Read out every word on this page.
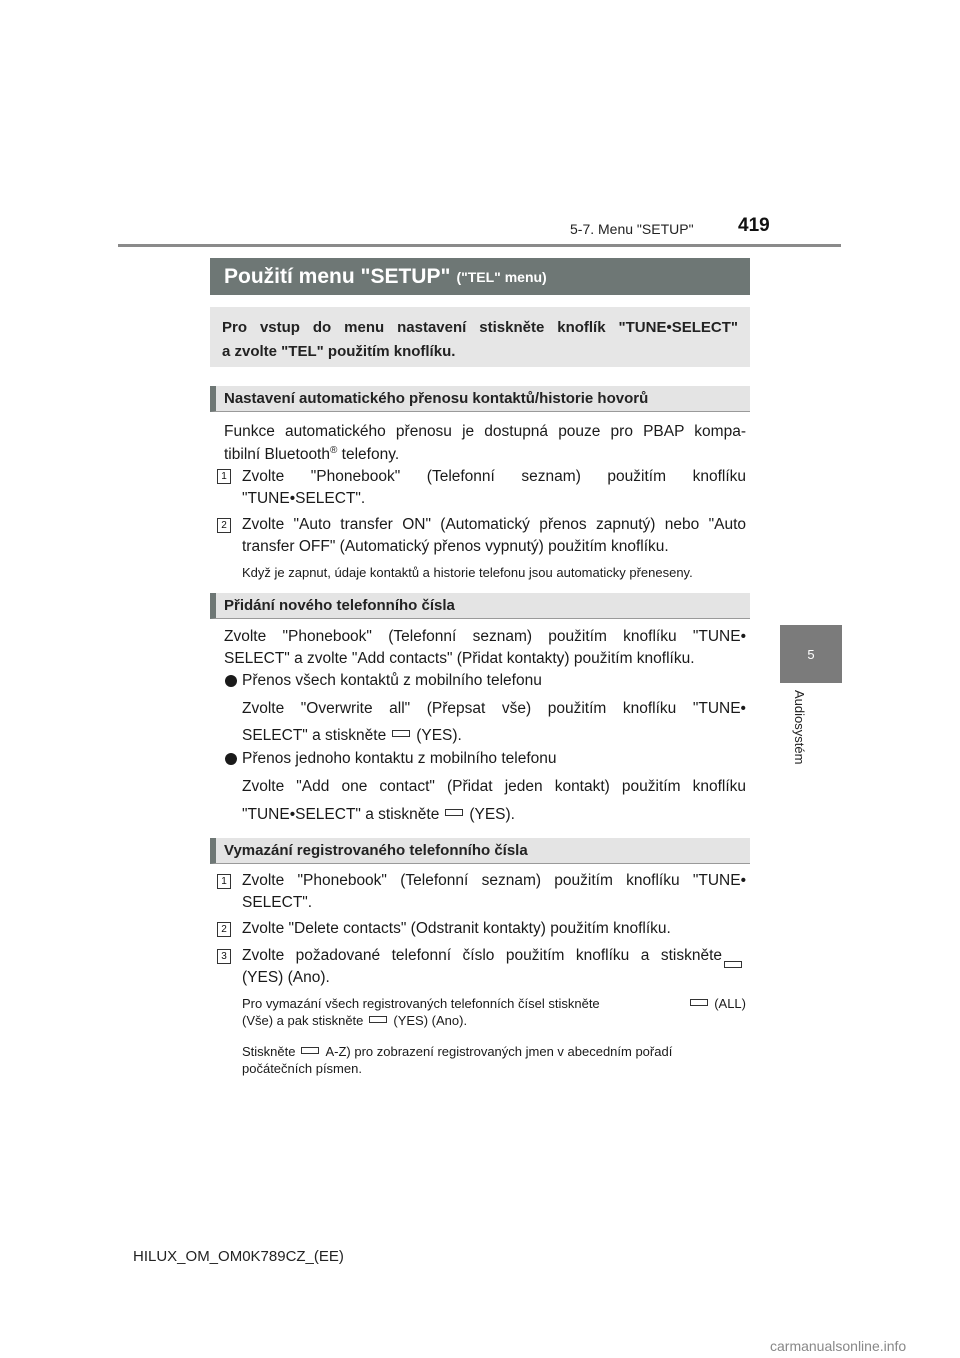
5-7. Menu "SETUP" 419
5
Audiosystém
Použití menu "SETUP" ("TEL" menu)
Pro vstup do menu nastavení stiskněte knoflík "TUNE•SELECT"
a zvolte "TEL" použitím knoflíku.
Nastavení automatického přenosu kontaktů/historie hovorů
Funkce automatického přenosu je dostupná pouze pro PBAP kompa-
tibilní Bluetooth® telefony.
1 Zvolte "Phonebook" (Telefonní seznam) použitím knoflíku
"TUNE•SELECT".
2 Zvolte "Auto transfer ON" (Automatický přenos zapnutý) nebo "Auto
transfer OFF" (Automatický přenos vypnutý) použitím knoflíku.
Když je zapnut, údaje kontaktů a historie telefonu jsou automaticky přeneseny.
Přidání nového telefonního čísla
Zvolte "Phonebook" (Telefonní seznam) použitím knoflíku "TUNE•
SELECT" a zvolte "Add contacts" (Přidat kontakty) použitím knoflíku.
Přenos všech kontaktů z mobilního telefonu
Zvolte "Overwrite all" (Přepsat vše) použitím knoflíku "TUNE•
SELECT" a stiskněte (YES).
Přenos jednoho kontaktu z mobilního telefonu
Zvolte "Add one contact" (Přidat jeden kontakt) použitím knoflíku
"TUNE•SELECT" a stiskněte (YES).
Vymazání registrovaného telefonního čísla
1 Zvolte "Phonebook" (Telefonní seznam) použitím knoflíku "TUNE•
SELECT".
2 Zvolte "Delete contacts" (Odstranit kontakty) použitím knoflíku.
3 Zvolte požadované telefonní číslo použitím knoflíku a stiskněte
(YES) (Ano).
Pro vymazání všech registrovaných telefonních čísel stiskněte	(ALL)
(Vše) a pak stiskněte (YES) (Ano).
Stiskněte A-Z) pro zobrazení registrovaných jmen v abecedním pořadí
počátečních písmen.
HILUX_OM_OM0K789CZ_(EE)
carmanualsonline.info
